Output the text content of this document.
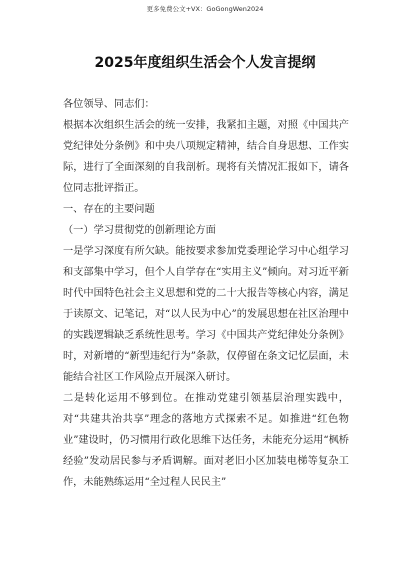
更多免费公文+VX：GoGongWen2024
2025年度组织生活会个人发言提纲

各位领导、同志们：

根据本次组织生活会的统一安排，我紧扣主题，对照《中国共产党纪律处分条例》和中央八项规定精神，结合自身思想、工作实际，进行了全面深刻的自我剖析。现将有关情况汇报如下，请各位同志批评指正。

一、存在的主要问题

（一）学习贯彻党的创新理论方面

一是学习深度有所欠缺。能按要求参加党委理论学习中心组学习和支部集中学习，但个人自学存在“实用主义”倾向。对习近平新时代中国特色社会主义思想和党的二十大报告等核心内容，满足于读原文、记笔记，对“以人民为中心”的发展思想在社区治理中的实践逻辑缺乏系统性思考。学习《中国共产党纪律处分条例》时，对新增的“新型违纪行为”条款，仅停留在条文记忆层面，未能结合社区工作风险点开展深入研讨。

二是转化运用不够到位。在推动党建引领基层治理实践中，对“共建共治共享”理念的落地方式探索不足。如推进“红色物业”建设时，仍习惯用行政化思维下达任务，未能充分运用“枫桥经验”发动居民参与矛盾调解。面对老旧小区加装电梯等复杂工作，未能熟练运用“全过程人民民主”
